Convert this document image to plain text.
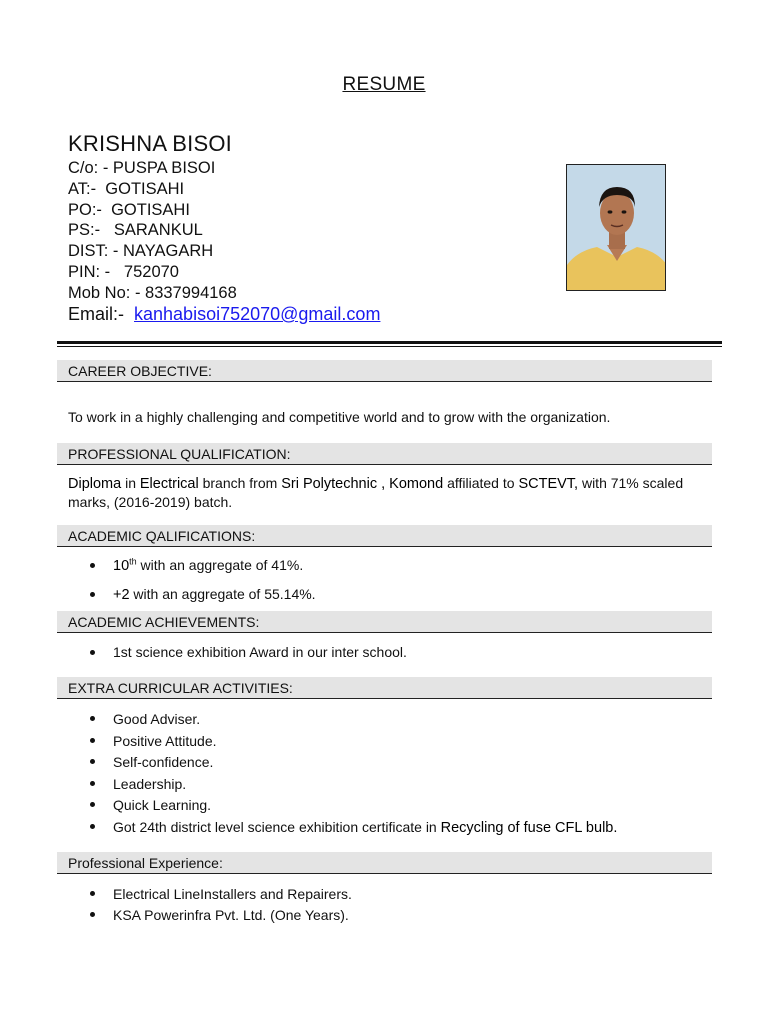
RESUME
KRISHNA BISOI
C/o: - PUSPA BISOI
AT:-  GOTISAHI
PO:-  GOTISAHI
PS:-   SARANKUL
DIST: - NAYAGARH
PIN: -   752070
Mob No: - 8337994168
Email:-  kanhabisoi752070@gmail.com
CAREER OBJECTIVE:
To work in a highly challenging and competitive world and to grow with the organization.
PROFESSIONAL QUALIFICATION:
Diploma in Electrical branch from Sri Polytechnic , Komond affiliated to SCTEVT, with 71% scaled marks, (2016-2019) batch.
ACADEMIC QALIFICATIONS:
10th with an aggregate of 41%.
+2 with an aggregate of 55.14%.
ACADEMIC ACHIEVEMENTS:
1st science exhibition Award in our inter school.
EXTRA CURRICULAR ACTIVITIES:
Good Adviser.
Positive Attitude.
Self-confidence.
Leadership.
Quick Learning.
Got 24th district level science exhibition certificate in Recycling of fuse CFL bulb.
Professional Experience:
Electrical LineInstallers and Repairers.
KSA Powerinfra Pvt. Ltd. (One Years).
